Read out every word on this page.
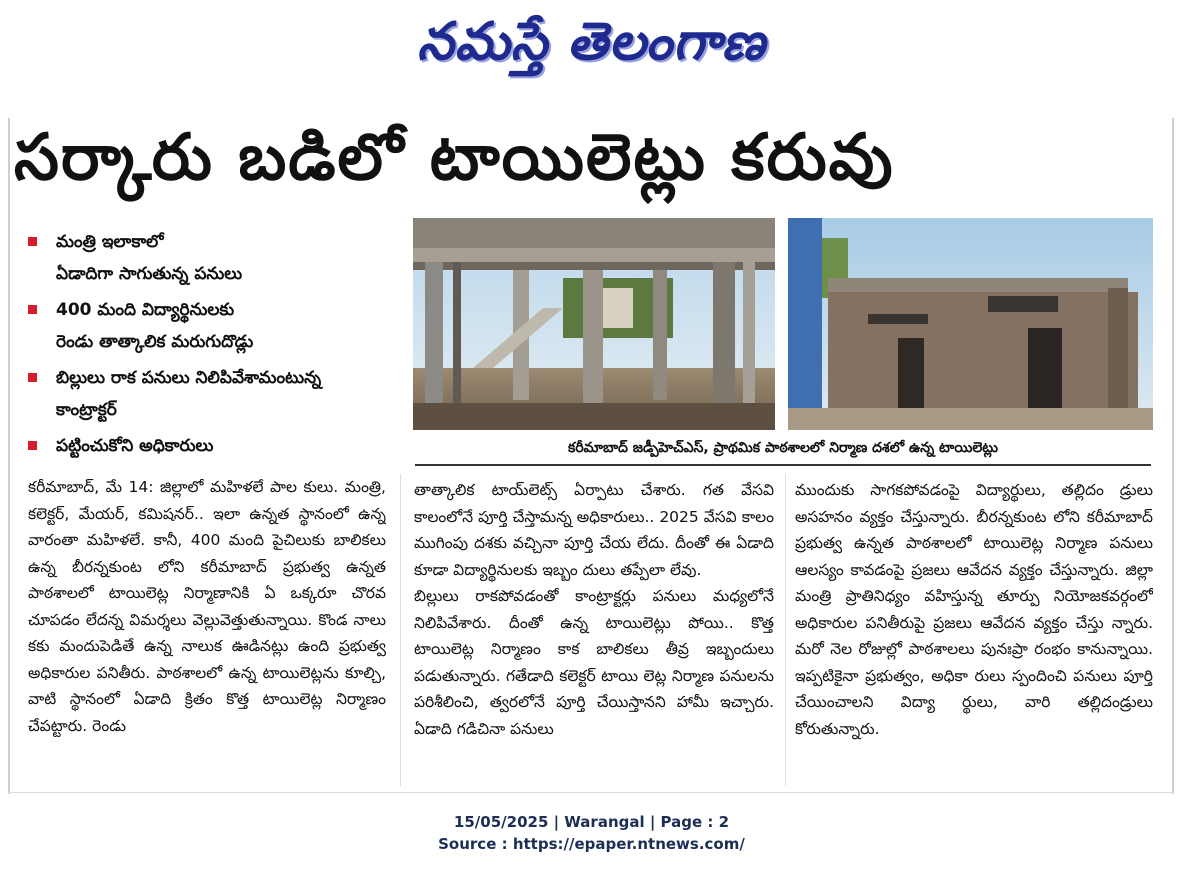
నమస్తే తెలంగాణ
సర్కారు బడిలో టాయిలెట్లు కరువు
మంత్రి ఇలాకాలో
ఏడాదిగా సాగుతున్న పనులు
400 మంది విద్యార్థినులకు
రెండు తాత్కాలిక మరుగుదొడ్లు
బిల్లులు రాక పనులు నిలిపివేశామంటున్న
కాంట్రాక్టర్
పట్టించుకోని అధికారులు	కరీమాబాద్ జడ్పీహెచ్ఎస్, ప్రాథమిక పాఠశాలలో నిర్మాణ దశలో ఉన్న టాయిలెట్లు
కరీమాబాద్, మే 14: జిల్లాలో మహిళలే పాల కులు. మంత్రి, కలెక్టర్, మేయర్, కమిషనర్.. ఇలా ఉన్నత స్థానంలో ఉన్న వారంతా మహిళలే. కానీ, 400 మంది పైచిలుకు బాలికలు ఉన్న బీరన్నకుంట లోని కరీమాబాద్ ప్రభుత్వ ఉన్నత పాఠశాలలో టాయిలెట్ల నిర్మాణానికి ఏ ఒక్కరూ చొరవ చూపడం లేదన్న విమర్శలు వెల్లువెత్తుతున్నాయి. కొండ నాలు కకు మందుపెడితే ఉన్న నాలుక ఊడినట్లు ఉంది ప్రభుత్వ అధికారుల పనితీరు. పాఠశాలలో ఉన్న టాయిలెట్లను కూల్చి, వాటి స్థానంలో ఏడాది క్రితం కొత్త టాయిలెట్ల నిర్మాణం చేపట్టారు. రెండు
తాత్కాలిక టాయ్‌లెట్స్ ఏర్పాటు చేశారు. గత వేసవి కాలంలోనే పూర్తి చేస్తామన్న అధికారులు.. 2025 వేసవి కాలం ముగింపు దశకు వచ్చినా పూర్తి చేయ లేదు. దీంతో ఈ ఏడాది కూడా విద్యార్థినులకు ఇబ్బం దులు తప్పేలా లేవు.
బిల్లులు రాకపోవడంతో కాంట్రాక్టర్లు పనులు మధ్యలోనే నిలిపివేశారు. దీంతో ఉన్న టాయిలెట్లు పోయి.. కొత్త టాయిలెట్ల నిర్మాణం కాక బాలికలు తీవ్ర ఇబ్బందులు పడుతున్నారు. గతేడాది కలెక్టర్ టాయి లెట్ల నిర్మాణ పనులను పరిశీలించి, త్వరలోనే పూర్తి చేయిస్తానని హామీ ఇచ్చారు. ఏడాది గడిచినా పనులు
ముందుకు సాగకపోవడంపై విద్యార్థులు, తల్లిదం డ్రులు అసహనం వ్యక్తం చేస్తున్నారు. బీరన్నకుంట లోని కరీమాబాద్ ప్రభుత్వ ఉన్నత పాఠశాలలో టాయిలెట్ల నిర్మాణ పనులు ఆలస్యం కావడంపై ప్రజలు ఆవేదన వ్యక్తం చేస్తున్నారు. జిల్లా మంత్రి ప్రాతినిధ్యం వహిస్తున్న తూర్పు నియోజకవర్గంలో అధికారుల పనితీరుపై ప్రజలు ఆవేదన వ్యక్తం చేస్తు న్నారు. మరో నెల రోజుల్లో పాఠశాలలు పునఃప్రా రంభం కానున్నాయి. ఇప్పటికైనా ప్రభుత్వం, అధికా రులు స్పందించి పనులు పూర్తి చేయించాలని విద్యా ర్థులు, వారి తల్లిదండ్రులు కోరుతున్నారు.
15/05/2025 | Warangal | Page : 2
Source : https://epaper.ntnews.com/
